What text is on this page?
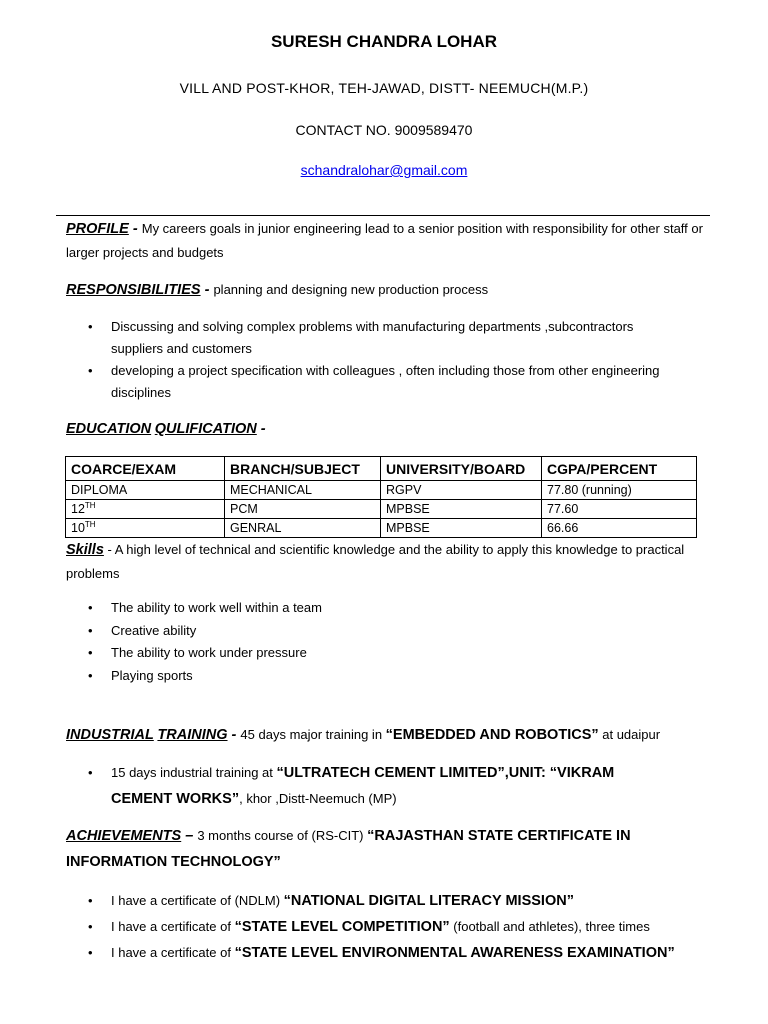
SURESH CHANDRA LOHAR
VILL AND POST-KHOR, TEH-JAWAD, DISTT- NEEMUCH(M.P.)
CONTACT NO. 9009589470
schandralohar@gmail.com
PROFILE - My careers goals in junior engineering lead to a senior position with responsibility for other staff or larger projects and budgets
RESPONSIBILITIES - planning and designing new production process
• Discussing and solving complex problems with manufacturing departments ,subcontractors suppliers and customers
• developing a project specification with colleagues , often including those from other engineering disciplines
EDUCATION QULIFICATION -
COARCE/EXAM	BRANCH/SUBJECT	UNIVERSITY/BOARD	CGPA/PERCENT
DIPLOMA	MECHANICAL	RGPV	77.80 (running)
12TH	PCM	MPBSE	77.60
10TH	GENRAL	MPBSE	66.66
Skills - A high level of technical and scientific knowledge and the ability to apply this knowledge to practical problems
• The ability to work well within a team
• Creative ability
• The ability to work under pressure
• Playing sports
INDUSTRIAL TRAINING - 45 days major training in “EMBEDDED AND ROBOTICS” at udaipur
• 15 days industrial training at “ULTRATECH CEMENT LIMITED”,UNIT: “VIKRAM CEMENT WORKS”, khor ,Distt-Neemuch (MP)
ACHIEVEMENTS – 3 months course of (RS-CIT) “RAJASTHAN STATE CERTIFICATE IN INFORMATION TECHNOLOGY”
• I have a certificate of (NDLM) “NATIONAL DIGITAL LITERACY MISSION”
• I have a certificate of “STATE LEVEL COMPETITION” (football and athletes), three times
• I have a certificate of “STATE LEVEL ENVIRONMENTAL AWARENESS EXAMINATION”
